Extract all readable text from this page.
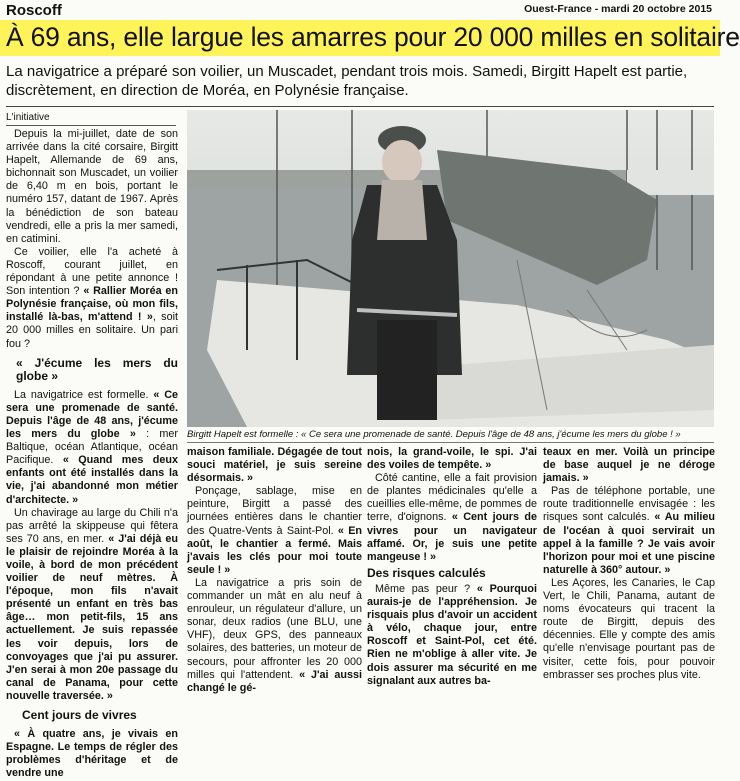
Roscoff	Ouest-France - mardi 20 octobre 2015
À 69 ans, elle largue les amarres pour 20 000 milles en solitaire
La navigatrice a préparé son voilier, un Muscadet, pendant trois mois. Samedi, Birgitt Hapelt est partie, discrètement, en direction de Moréa, en Polynésie française.
L'initiative

Depuis la mi-juillet, date de son arrivée dans la cité corsaire, Birgitt Hapelt, Allemande de 69 ans, bichonnait son Muscadet, un voilier de 6,40 m en bois, portant le numéro 157, datant de 1967. Après la bénédiction de son bateau vendredi, elle a pris la mer samedi, en catimini.

Ce voilier, elle l'a acheté à Roscoff, courant juillet, en répondant à une petite annonce ! Son intention ? « Rallier Moréa en Polynésie française, où mon fils, installé là-bas, m'attend ! », soit 20 000 milles en solitaire. Un pari fou ?

« J'écume les mers du globe »

La navigatrice est formelle. « Ce sera une promenade de santé. Depuis l'âge de 48 ans, j'écume les mers du globe » : mer Baltique, océan Atlantique, océan Pacifique. « Quand mes deux enfants ont été installés dans la vie, j'ai abandonné mon métier d'architecte. »

Un chavirage au large du Chili n'a pas arrêté la skippeuse qui fêtera ses 70 ans, en mer. « J'ai déjà eu le plaisir de rejoindre Moréa à la voile, à bord de mon précédent voilier de neuf mètres. À l'époque, mon fils n'avait présenté un enfant en très bas âge… mon petit-fils, 15 ans actuellement. Je suis repassée les voir depuis, lors de convoyages que j'ai pu assurer. J'en serai à mon 20e passage du canal de Panama, pour cette nouvelle traversée. »

Cent jours de vivres

« À quatre ans, je vivais en Espagne. Le temps de régler des problèmes d'héritage et de vendre une

Birgitt Hapelt est formelle : « Ce sera une promenade de santé. Depuis l'âge de 48 ans, j'écume les mers du globe ! »

maison familiale. Dégagée de tout souci matériel, je suis sereine désormais. »

Ponçage, sablage, mise en peinture, Birgitt a passé des journées entières dans le chantier des Quatre-Vents à Saint-Pol. « En août, le chantier a fermé. Mais j'avais les clés pour moi toute seule ! »

La navigatrice a pris soin de commander un mât en alu neuf à enrouleur, un régulateur d'allure, un sonar, deux radios (une BLU, une VHF), deux GPS, des panneaux solaires, des batteries, un moteur de secours, pour affronter les 20 000 milles qui l'attendent. « J'ai aussi changé le gé-

nois, la grand-voile, le spi. J'ai des voiles de tempête. »

Côté cantine, elle a fait provision de plantes médicinales qu'elle a cueillies elle-même, de pommes de terre, d'oignons. « Cent jours de vivres pour un navigateur affamé. Or, je suis une petite mangeuse ! »

Des risques calculés

Même pas peur ? « Pourquoi aurais-je de l'appréhension. Je risquais plus d'avoir un accident à vélo, chaque jour, entre Roscoff et Saint-Pol, cet été. Rien ne m'oblige à aller vite. Je dois assurer ma sécurité en me signalant aux autres ba-

teaux en mer. Voilà un principe de base auquel je ne déroge jamais. »

Pas de téléphone portable, une route traditionnelle envisagée : les risques sont calculés. « Au milieu de l'océan à quoi servirait un appel à la famille ? Je vais avoir l'horizon pour moi et une piscine naturelle à 360° autour. »

Les Açores, les Canaries, le Cap Vert, le Chili, Panama, autant de noms évocateurs qui tracent la route de Birgitt, depuis des décennies. Elle y compte des amis qu'elle n'envisage pourtant pas de visiter, cette fois, pour pouvoir embrasser ses proches plus vite.
